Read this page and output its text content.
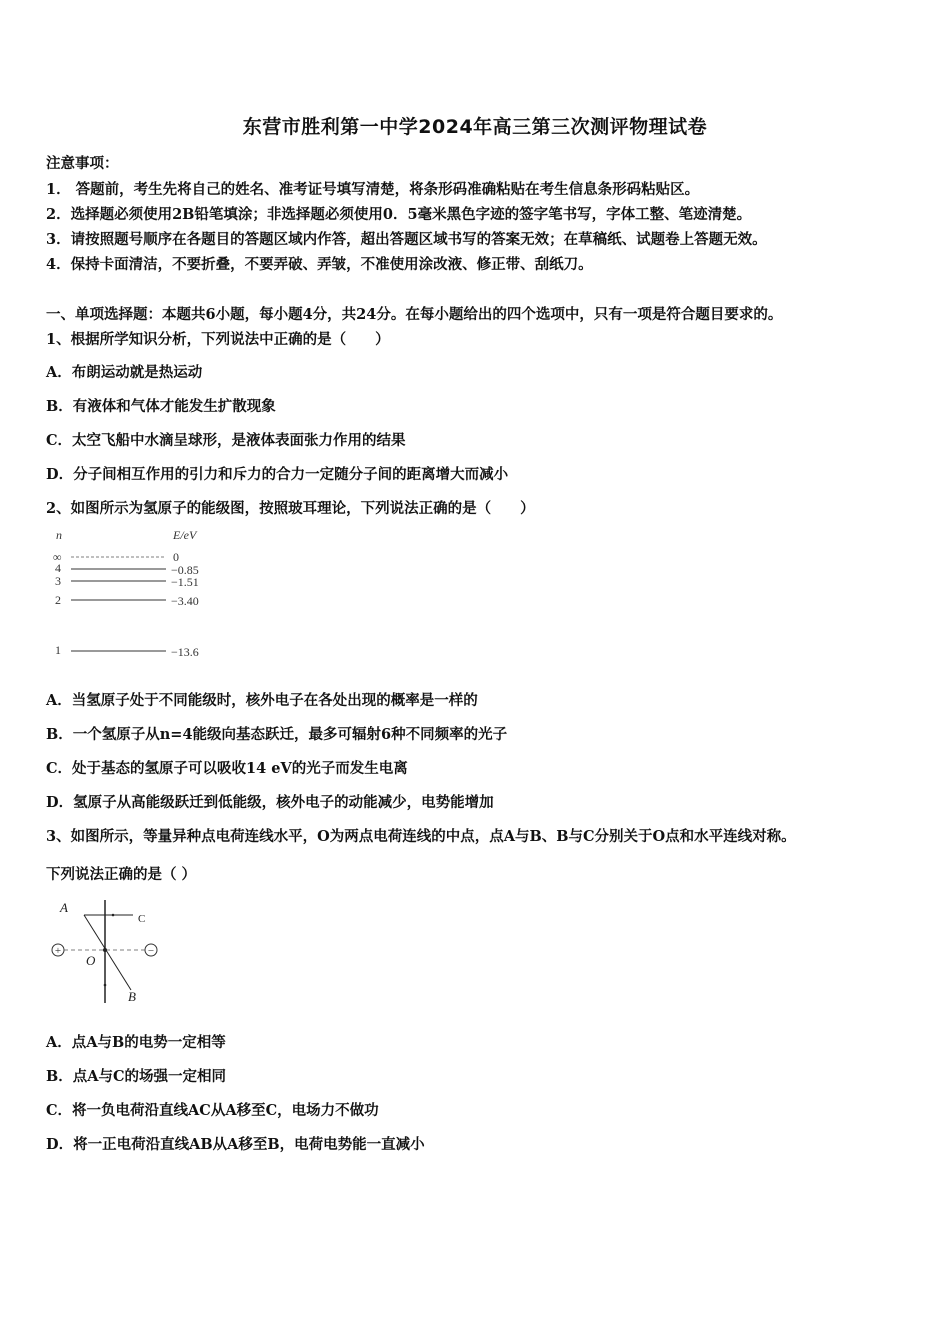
东营市胜利第一中学2024年高三第三次测评物理试卷
注意事项：
1． 答题前，考生先将自己的姓名、准考证号填写清楚，将条形码准确粘贴在考生信息条形码粘贴区。
2．选择题必须使用2B铅笔填涂；非选择题必须使用0．5毫米黑色字迹的签字笔书写，字体工整、笔迹清楚。
3．请按照题号顺序在各题目的答题区域内作答，超出答题区域书写的答案无效；在草稿纸、试题卷上答题无效。
4．保持卡面清洁，不要折叠，不要弄破、弄皱，不准使用涂改液、修正带、刮纸刀。
一、单项选择题：本题共6小题，每小题4分，共24分。在每小题给出的四个选项中，只有一项是符合题目要求的。
1、根据所学知识分析，下列说法中正确的是（　　）
A．布朗运动就是热运动
B．有液体和气体才能发生扩散现象
C．太空飞船中水滴呈球形，是液体表面张力作用的结果
D．分子间相互作用的引力和斥力的合力一定随分子间的距离增大而减小
2、如图所示为氢原子的能级图，按照玻耳理论，下列说法正确的是（　　）
n	E/eV
∞	0
4	−0.85
3	−1.51
2	−3.40
1	−13.6
A．当氢原子处于不同能级时，核外电子在各处出现的概率是一样的
B．一个氢原子从n=4能级向基态跃迁，最多可辐射6种不同频率的光子
C．处于基态的氢原子可以吸收14 eV的光子而发生电离
D．氢原子从高能级跃迁到低能级，核外电子的动能减少，电势能增加
3、如图所示，等量异种点电荷连线水平，O为两点电荷连线的中点，点A与B、B与C分别关于O点和水平连线对称。
下列说法正确的是（ ）
+	−
A
C
O
B
A．点A与B的电势一定相等
B．点A与C的场强一定相同
C．将一负电荷沿直线AC从A移至C，电场力不做功
D．将一正电荷沿直线AB从A移至B，电荷电势能一直减小
